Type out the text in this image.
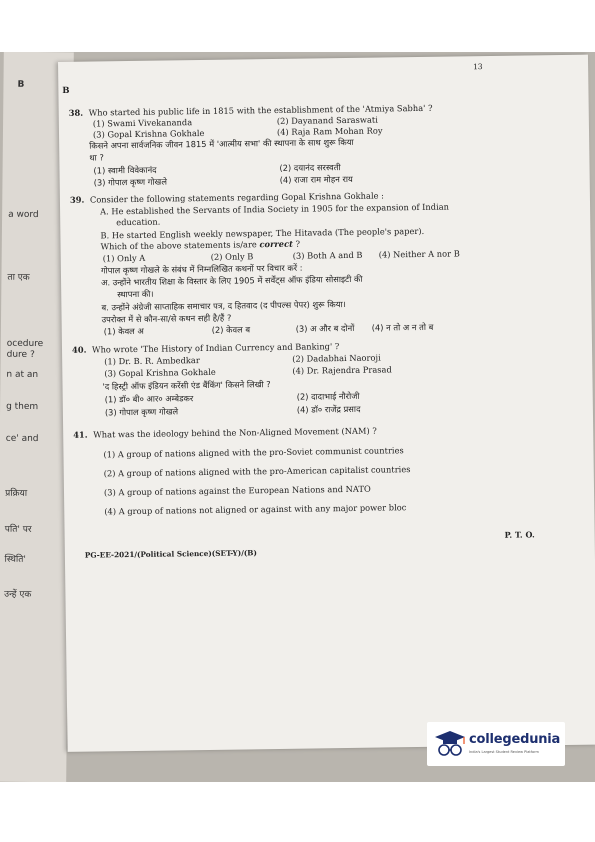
B
a word
ता एक
ocedure
dure ?
n at an
g them
ce' and
प्रक्रिया
पति' पर
स्थिति'
उन्हें एक
13
B
38. Who started his public life in 1815 with the establishment of the 'Atmiya Sabha' ?
(1) Swami Vivekananda	(2) Dayanand Saraswati
(3) Gopal Krishna Gokhale	(4) Raja Ram Mohan Roy
किसने अपना सार्वजनिक जीवन 1815 में 'आत्मीय सभा' की स्थापना के साथ शुरू किया
था ?
(1) स्वामी विवेकानंद	(2) दयानंद सरस्वती
(3) गोपाल कृष्ण गोखले	(4) राजा राम मोहन राय
39. Consider the following statements regarding Gopal Krishna Gokhale :
A. He established the Servants of India Society in 1905 for the expansion of Indian
education.
B. He started English weekly newspaper, The Hitavada (The people's paper).
Which of the above statements is/are correct ?
(1) Only A	(2) Only B	(3) Both A and B (4) Neither A nor B
गोपाल कृष्ण गोखले के संबंध में निम्नलिखित कथनों पर विचार करें :
अ. उन्होंने भारतीय शिक्षा के विस्तार के लिए 1905 में सर्वेंट्स ऑफ इंडिया सोसाइटी की
स्थापना की।
ब. उन्होंने अंग्रेजी साप्ताहिक समाचार पत्र, द हितवाद (द पीपल्स पेपर) शुरू किया।
उपरोक्त में से कौन-सा/से कथन सही है/हैं ?
(1) केवल अ	(2) केवल ब	(3) अ और ब दोनों (4) न तो अ न तो ब
40. Who wrote 'The History of Indian Currency and Banking' ?
(1) Dr. B. R. Ambedkar	(2) Dadabhai Naoroji
(3) Gopal Krishna Gokhale	(4) Dr. Rajendra Prasad
'द हिस्ट्री ऑफ इंडियन करेंसी एंड बैंकिंग' किसने लिखी ?
(1) डॉ० बी० आर० अम्बेडकर	(2) दादाभाई नौरोजी
(3) गोपाल कृष्ण गोखले	(4) डॉ० राजेंद्र प्रसाद
41. What was the ideology behind the Non-Aligned Movement (NAM) ?
(1) A group of nations aligned with the pro-Soviet communist countries
(2) A group of nations aligned with the pro-American capitalist countries
(3) A group of nations against the European Nations and NATO
(4) A group of nations not aligned or against with any major power bloc
P. T. O.
PG-EE-2021/(Political Science)(SET-Y)/(B)
collegedunia
India's Largest Student Review Platform
